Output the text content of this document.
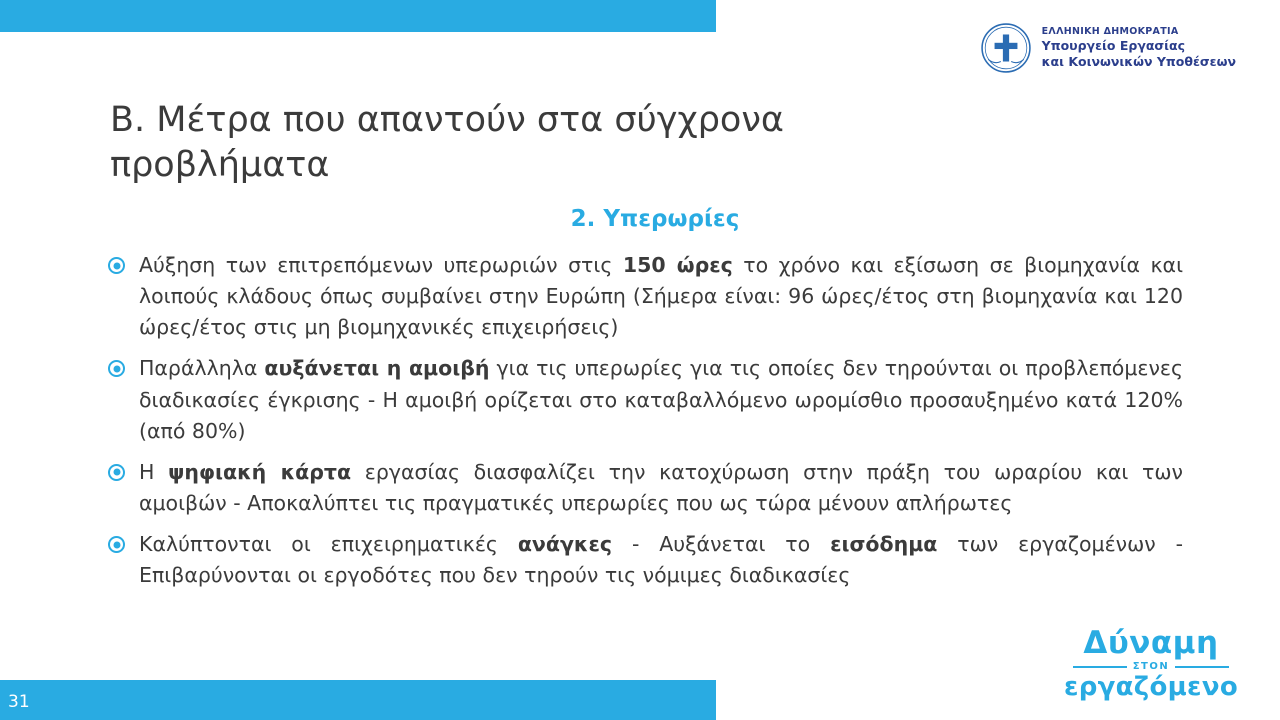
ΕΛΛΗΝΙΚΗ ΔΗΜΟΚΡΑΤΙΑ
Υπουργείο Εργασίας
και Κοινωνικών Υποθέσεων
Β. Μέτρα που απαντούν στα σύγχρονα προβλήματα
2. Υπερωρίες
Αύξηση των επιτρεπόμενων υπερωριών στις 150 ώρες το χρόνο και εξίσωση σε βιομηχανία και λοιπούς κλάδους όπως συμβαίνει στην Ευρώπη (Σήμερα είναι: 96 ώρες/έτος στη βιομηχανία και 120 ώρες/έτος στις μη βιομηχανικές επιχειρήσεις)
Παράλληλα αυξάνεται η αμοιβή για τις υπερωρίες για τις οποίες δεν τηρούνται οι προβλεπόμενες διαδικασίες έγκρισης - Η αμοιβή ορίζεται στο καταβαλλόμενο ωρομίσθιο προσαυξημένο κατά 120% (από 80%)
Η ψηφιακή κάρτα εργασίας διασφαλίζει την κατοχύρωση στην πράξη του ωραρίου και των αμοιβών - Αποκαλύπτει τις πραγματικές υπερωρίες που ως τώρα μένουν απλήρωτες
Καλύπτονται οι επιχειρηματικές ανάγκες - Αυξάνεται το εισόδημα των εργαζομένων - Επιβαρύνονται οι εργοδότες που δεν τηρούν τις νόμιμες διαδικασίες
31
Δύναμη
ΣΤΟΝ
εργαζόμενο
